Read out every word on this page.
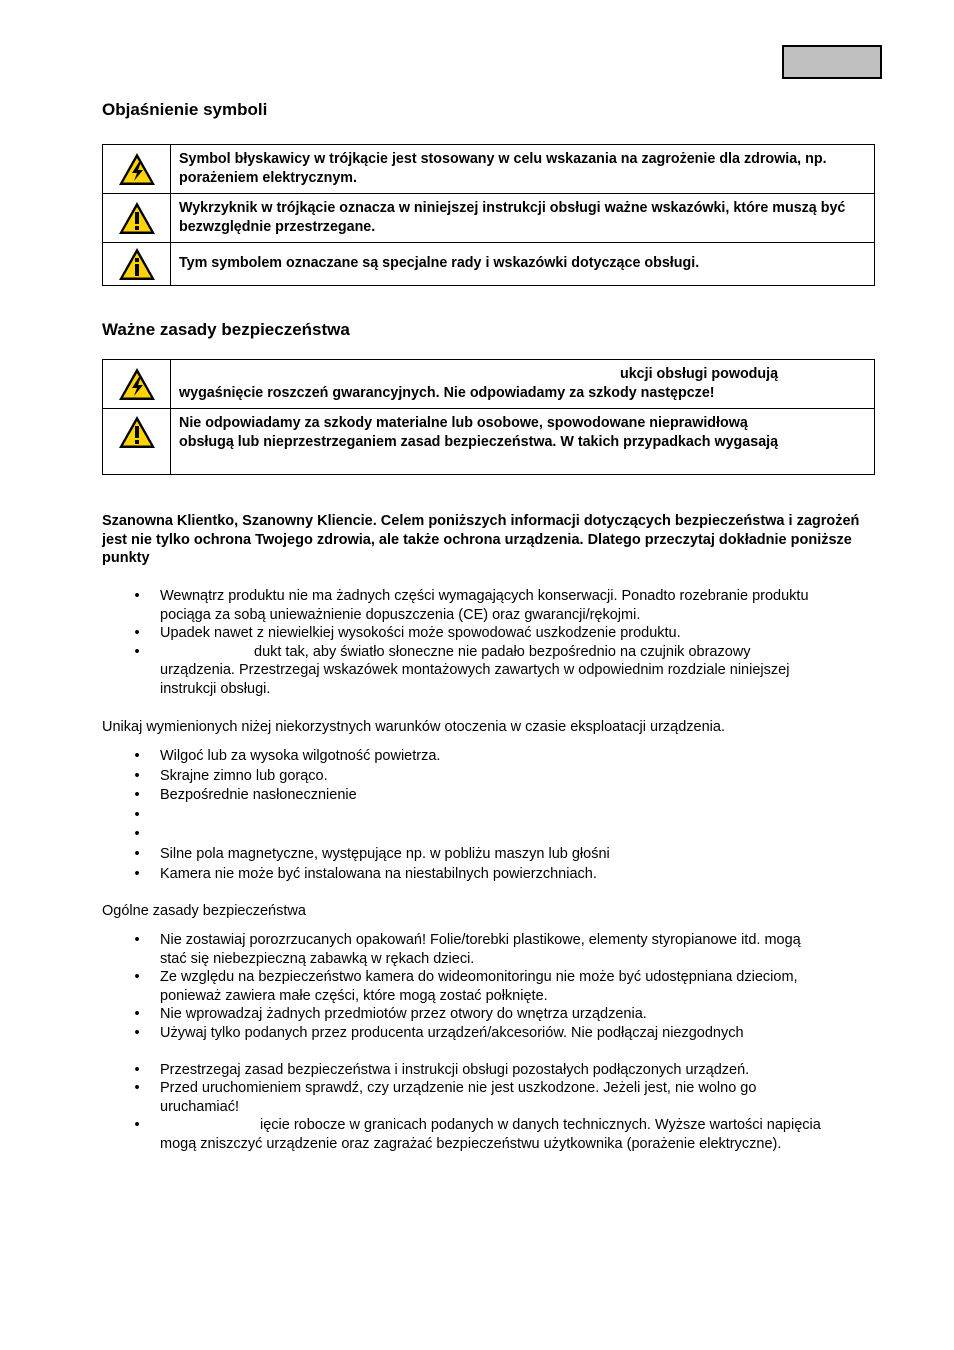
Objaśnienie symboli
	Symbol błyskawicy w trójkącie jest stosowany w celu wskazania na zagrożenie dla zdrowia, np. porażeniem elektrycznym.

	Wykrzyknik w trójkącie oznacza w niniejszej instrukcji obsługi ważne wskazówki, które muszą być bezwzględnie przestrzegane.

	Tym symbolem oznaczane są specjalne rady i wskazówki dotyczące obsługi.
Ważne zasady bezpieczeństwa

ukcji obsługi powodują
wygaśnięcie roszczeń gwarancyjnych. Nie odpowiadamy za szkody następcze!

Nie odpowiadamy za szkody materialne lub osobowe, spowodowane nieprawidłową
obsługą lub nieprzestrzeganiem zasad bezpieczeństwa. W takich przypadkach wygasają
Szanowna Klientko, Szanowny Kliencie. Celem poniższych informacji dotyczących bezpieczeństwa i zagrożeń jest nie tylko ochrona Twojego zdrowia, ale także ochrona urządzenia. Dlatego przeczytaj dokładnie poniższe punkty
• Wewnątrz produktu nie ma żadnych części wymagających konserwacji. Ponadto rozebranie produktu
pociąga za sobą unieważnienie dopuszczenia (CE) oraz gwarancji/rękojmi.
• Upadek nawet z niewielkiej wysokości może spowodować uszkodzenie produktu.
•	dukt tak, aby światło słoneczne nie padało bezpośrednio na czujnik obrazowy
urządzenia. Przestrzegaj wskazówek montażowych zawartych w odpowiednim rozdziale niniejszej
instrukcji obsługi.
Unikaj wymienionych niżej niekorzystnych warunków otoczenia w czasie eksploatacji urządzenia.
• Wilgoć lub za wysoka wilgotność powietrza.
• Skrajne zimno lub gorąco.
• Bezpośrednie nasłonecznienie
•
•
• Silne pola magnetyczne, występujące np. w pobliżu maszyn lub głośni
• Kamera nie może być instalowana na niestabilnych powierzchniach.
Ogólne zasady bezpieczeństwa
• Nie zostawiaj porozrzucanych opakowań! Folie/torebki plastikowe, elementy styropianowe itd. mogą
stać się niebezpieczną zabawką w rękach dzieci.
• Ze względu na bezpieczeństwo kamera do wideomonitoringu nie może być udostępniana dzieciom,
ponieważ zawiera małe części, które mogą zostać połknięte.
• Nie wprowadzaj żadnych przedmiotów przez otwory do wnętrza urządzenia.
• Używaj tylko podanych przez producenta urządzeń/akcesoriów. Nie podłączaj niezgodnych
• Przestrzegaj zasad bezpieczeństwa i instrukcji obsługi pozostałych podłączonych urządzeń.
• Przed uruchomieniem sprawdź, czy urządzenie nie jest uszkodzone. Jeżeli jest, nie wolno go
uruchamiać!
•	ięcie robocze w granicach podanych w danych technicznych. Wyższe wartości napięcia
mogą zniszczyć urządzenie oraz zagrażać bezpieczeństwu użytkownika (porażenie elektryczne).
